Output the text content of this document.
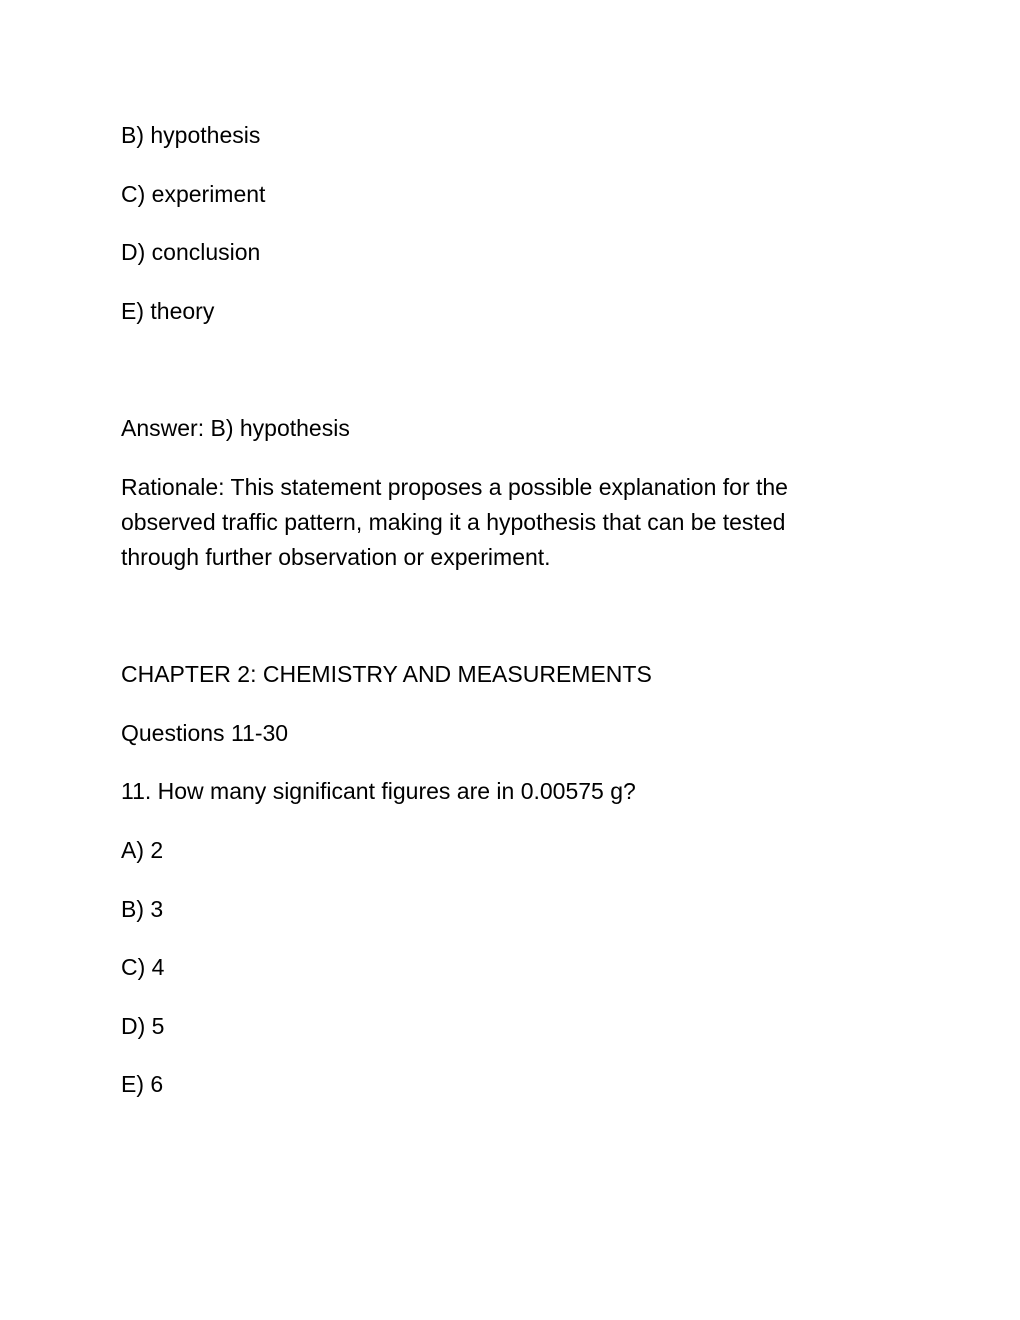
B) hypothesis
C) experiment
D) conclusion
E) theory
Answer: B) hypothesis
Rationale: This statement proposes a possible explanation for the observed traffic pattern, making it a hypothesis that can be tested through further observation or experiment.
CHAPTER 2: CHEMISTRY AND MEASUREMENTS
Questions 11-30
11. How many significant figures are in 0.00575 g?
A) 2
B) 3
C) 4
D) 5
E) 6
